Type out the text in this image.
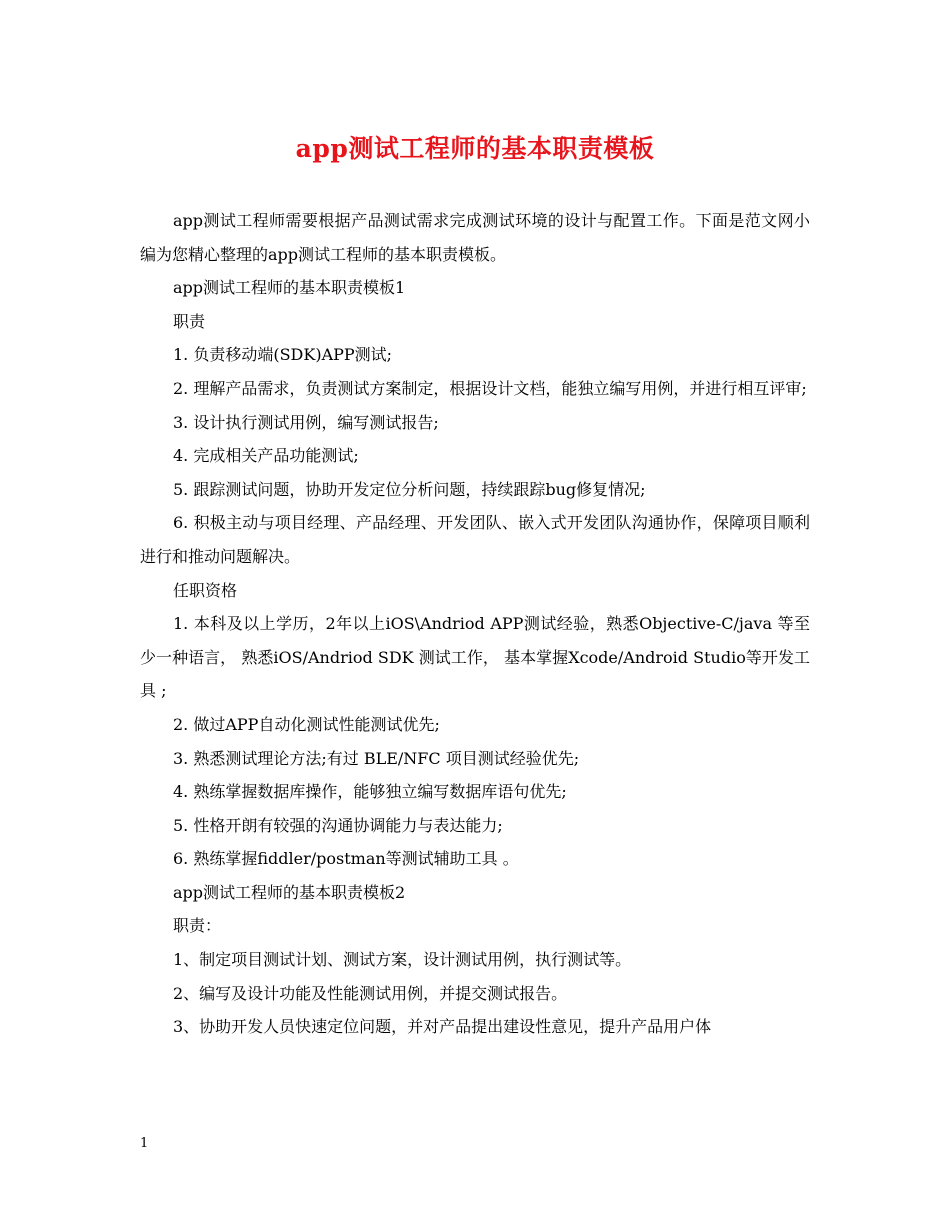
app测试工程师的基本职责模板

app测试工程师需要根据产品测试需求完成测试环境的设计与配置工作。下面是范文网小编为您精心整理的app测试工程师的基本职责模板。

app测试工程师的基本职责模板1

职责

1. 负责移动端(SDK)APP测试;

2. 理解产品需求，负责测试方案制定，根据设计文档，能独立编写用例，并进行相互评审;

3. 设计执行测试用例，编写测试报告;

4. 完成相关产品功能测试;

5. 跟踪测试问题，协助开发定位分析问题，持续跟踪bug修复情况;

6. 积极主动与项目经理、产品经理、开发团队、嵌入式开发团队沟通协作，保障项目顺利进行和推动问题解决。

任职资格

1. 本科及以上学历，2年以上iOS\Andriod APP测试经验，熟悉Objective-C/java 等至少一种语言， 熟悉iOS/Andriod SDK 测试工作， 基本掌握Xcode/Android Studio等开发工具 ;

2. 做过APP自动化测试性能测试优先;

3. 熟悉测试理论方法;有过 BLE/NFC 项目测试经验优先;

4. 熟练掌握数据库操作，能够独立编写数据库语句优先;

5. 性格开朗有较强的沟通协调能力与表达能力;

6. 熟练掌握fiddler/postman等测试辅助工具 。

app测试工程师的基本职责模板2

职责：

1、制定项目测试计划、测试方案，设计测试用例，执行测试等。

2、编写及设计功能及性能测试用例，并提交测试报告。

3、协助开发人员快速定位问题，并对产品提出建设性意见，提升产品用户体

1
